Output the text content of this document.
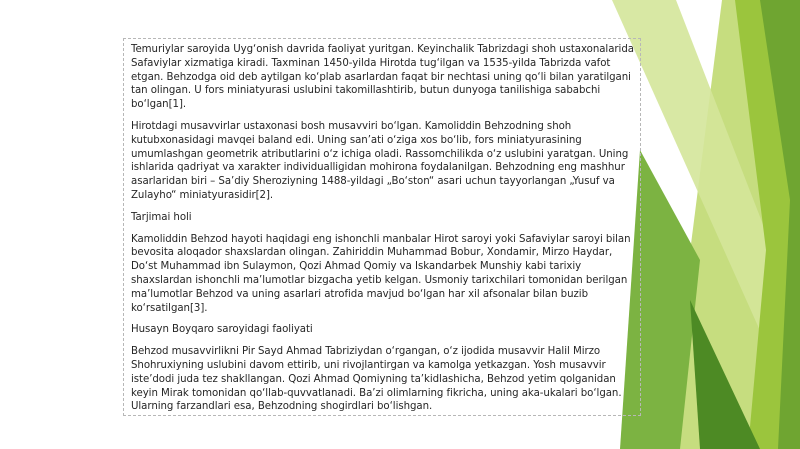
Temuriylar saroyida Uyg‘onish davrida faoliyat yuritgan. Keyinchalik Tabrizdagi shoh ustaxonalarida Safaviylar xizmatiga kiradi. Taxminan 1450-yilda Hirotda tug‘ilgan va 1535-yilda Tabrizda vafot etgan. Behzodga oid deb aytilgan ko‘plab asarlardan faqat bir nechtasi uning qo‘li bilan yaratilgani tan olingan. U fors miniatyurasi uslubini takomillashtirib, butun dunyoga tanilishiga sababchi bo‘lgan[1].

Hirotdagi musavvirlar ustaxonasi bosh musavviri bo‘lgan. Kamoliddin Behzodning shoh kutubxonasidagi mavqei baland edi. Uning san’ati o‘ziga xos bo‘lib, fors miniatyurasining umumlashgan geometrik atributlarini o‘z ichiga oladi. Rassomchilikda o‘z uslubini yaratgan. Uning ishlarida qadriyat va xarakter individualligidan mohirona foydalanilgan. Behzodning eng mashhur asarlaridan biri – Sa’diy Sheroziyning 1488-yildagi „Bo‘ston“ asari uchun tayyorlangan „Yusuf va Zulayho“ miniatyurasidir[2].

Tarjimai holi

Kamoliddin Behzod hayoti haqidagi eng ishonchli manbalar Hirot saroyi yoki Safaviylar saroyi bilan bevosita aloqador shaxslardan olingan. Zahiriddin Muhammad Bobur, Xondamir, Mirzo Haydar, Do‘st Muhammad ibn Sulaymon, Qozi Ahmad Qomiy va Iskandarbek Munshiy kabi tarixiy shaxslardan ishonchli ma’lumotlar bizgacha yetib kelgan. Usmoniy tarixchilari tomonidan berilgan ma’lumotlar Behzod va uning asarlari atrofida mavjud bo‘lgan har xil afsonalar bilan buzib ko‘rsatilgan[3].

Husayn Boyqaro saroyidagi faoliyati

Behzod musavvirlikni Pir Sayd Ahmad Tabriziydan o‘rgangan, o‘z ijodida musavvir Halil Mirzo Shohruxiyning uslubini davom ettirib, uni rivojlantirgan va kamolga yetkazgan. Yosh musavvir iste’dodi juda tez shakllangan. Qozi Ahmad Qomiyning ta’kidlashicha, Behzod yetim qolganidan keyin Mirak tomonidan qo‘llab-quvvatlanadi. Ba’zi olimlarning fikricha, uning aka-ukalari bo‘lgan. Ularning farzandlari esa, Behzodning shogirdlari bo‘lishgan.
